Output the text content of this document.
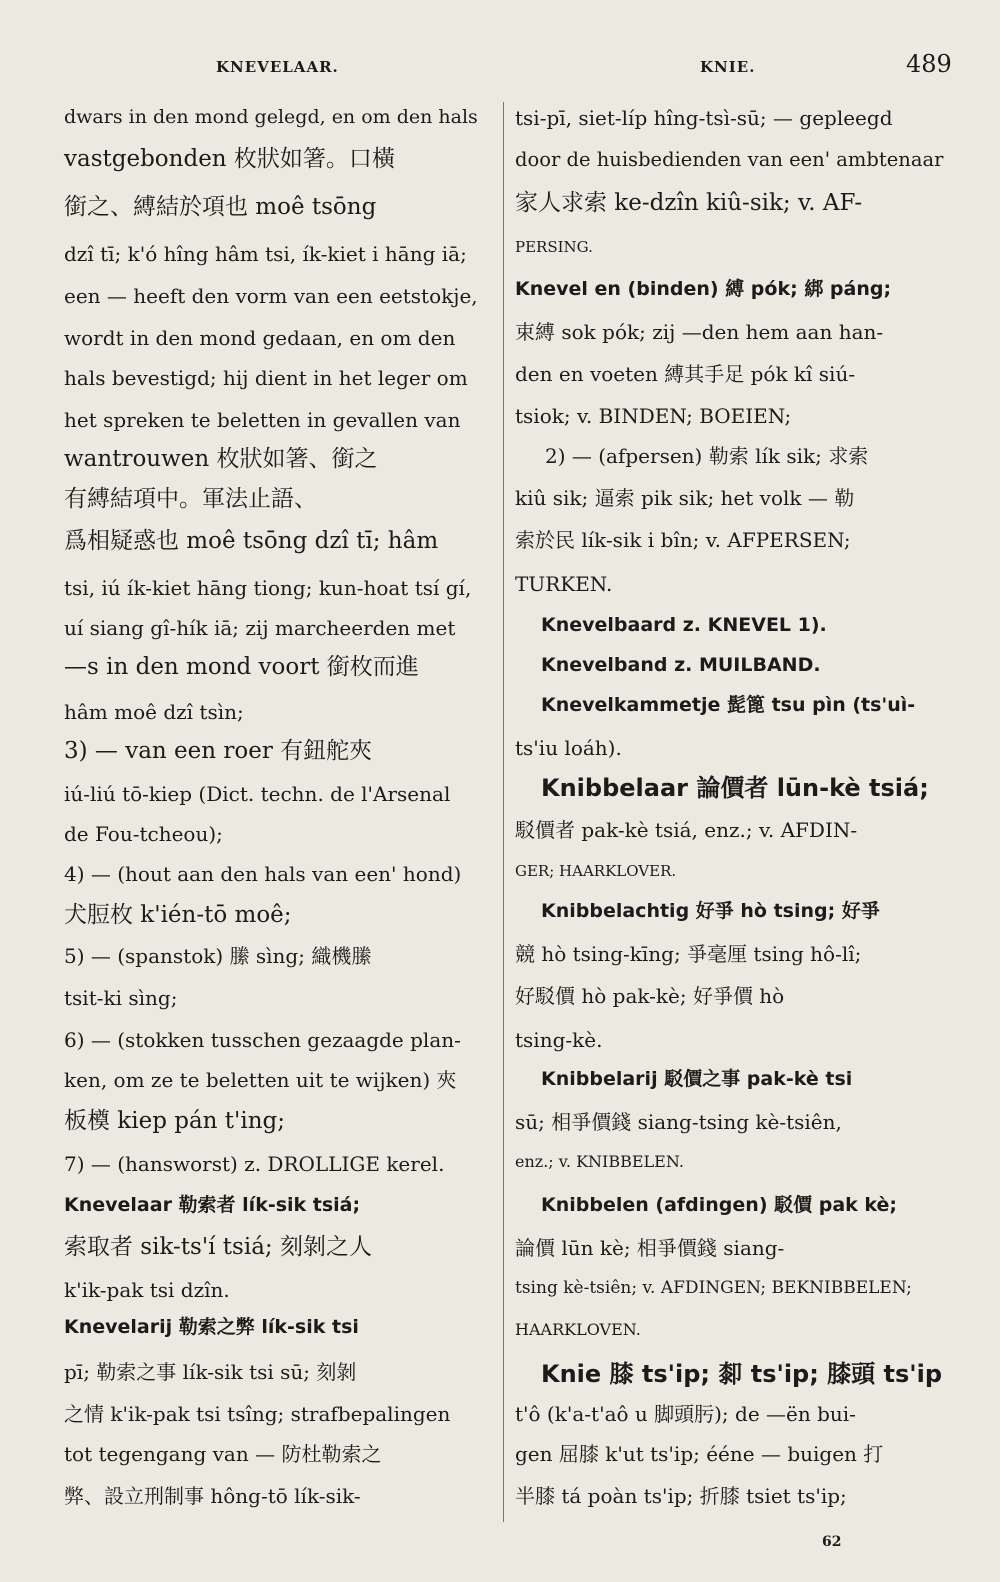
KNEVELAAR.	KNIE.	489
dwars in den mond gelegd, en om den hals
vastgebonden 枚狀如箸。口橫
銜之、縛結於項也 moê tsōng
dzî tī; k'ó hîng hâm tsi, ík-kiet i hāng iā;
een — heeft den vorm van een eetstokje,
wordt in den mond gedaan, en om den
hals bevestigd; hij dient in het leger om
het spreken te beletten in gevallen van
wantrouwen 枚狀如箸、銜之
有縛結項中。軍法止語、
爲相疑惑也 moê tsōng dzî tī; hâm
tsi, iú ík-kiet hāng tiong; kun-hoat tsí gí,
uí siang gî-hík iā; zij marcheerden met
—s in den mond voort 銜枚而進
hâm moê dzî tsìn;
3) — van een roer 有鈕舵夾
iú-liú tō-kiep (Dict. techn. de l'Arsenal
de Fou-tcheou);
4) — (hout aan den hals van een' hond)
犬脰枚 k'ién-tō moê;
5) — (spanstok) 縢 sìng; 織機縢
tsit-ki sìng;
6) — (stokken tusschen gezaagde plan-
ken, om ze te beletten uit te wijken) 夾
板橂 kiep pán t'ing;
7) — (hansworst) z. DROLLIGE kerel.
Knevelaar 勒索者 lík-sik tsiá;
索取者 sik-ts'í tsiá; 刻剝之人
k'ik-pak tsi dzîn.
Knevelarij 勒索之弊 lík-sik tsi
pī; 勒索之事 lík-sik tsi sū; 刻剝
之情 k'ik-pak tsi tsîng; strafbepalingen
tot tegengang van — 防杜勒索之
弊、設立刑制事 hông-tō lík-sik-
tsi-pī, siet-líp hîng-tsì-sū; — gepleegd
door de huisbedienden van een' ambtenaar
家人求索 ke-dzîn kiû-sik; v. AF-
PERSING.
Knevel en (binden) 縛 pók; 綁 páng;
束縛 sok pók; zij —den hem aan han-
den en voeten 縛其手足 pók kî siú-
tsiok; v. BINDEN; BOEIEN;
2) — (afpersen) 勒索 lík sik; 求索
kiû sik; 逼索 pik sik; het volk — 勒
索於民 lík-sik i bîn; v. AFPERSEN;
TURKEN.
Knevelbaard z. KNEVEL 1).
Knevelband z. MUILBAND.
Knevelkammetje 髭篦 tsu pìn (ts'uì-
ts'iu loáh).
Knibbelaar 論價者 lūn-kè tsiá;
駁價者 pak-kè tsiá, enz.; v. AFDIN-
GER; HAARKLOVER.
Knibbelachtig 好爭 hò tsing; 好爭
競 hò tsing-kīng; 爭毫厘 tsing hô-lî;
好駁價 hò pak-kè; 好爭價 hò
tsing-kè.
Knibbelarij 駁價之事 pak-kè tsi
sū; 相爭價錢 siang-tsing kè-tsiên,
enz.; v. KNIBBELEN.
Knibbelen (afdingen) 駁價 pak kè;
論價 lūn kè; 相爭價錢 siang-
tsing kè-tsiên; v. AFDINGEN; BEKNIBBELEN;
HAARKLOVEN.
Knie 膝 ts'ip; 厀 ts'ip; 膝頭 ts'ip
t'ô (k'a-t'aô u 脚頭肟); de —ën bui-
gen 屈膝 k'ut ts'ip; ééne — buigen 打
半膝 tá poàn ts'ip; 折膝 tsiet ts'ip;
62
